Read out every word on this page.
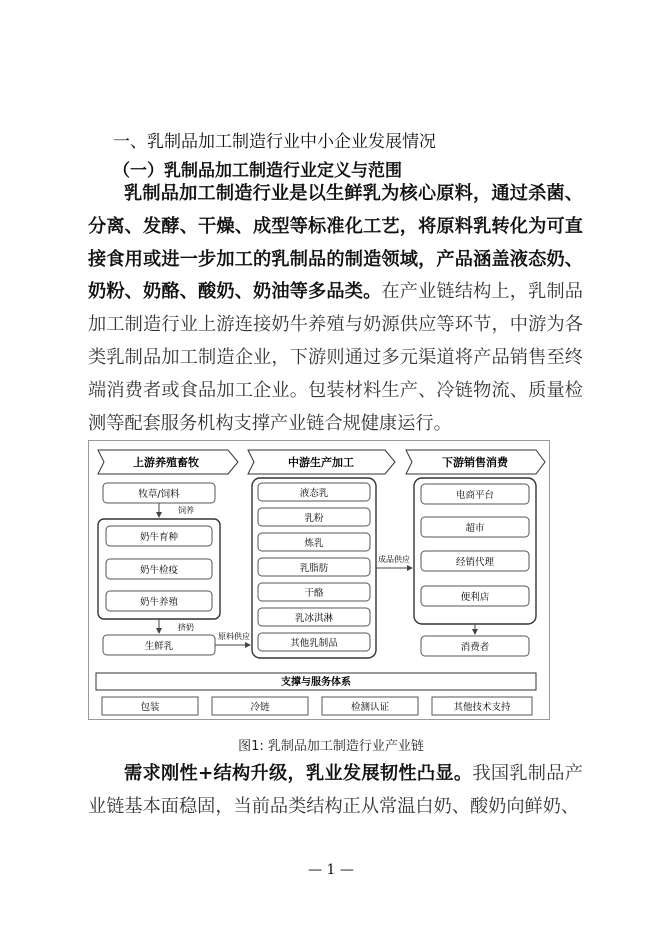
一、乳制品加工制造行业中小企业发展情况
（一）乳制品加工制造行业定义与范围
乳制品加工制造行业是以生鲜乳为核心原料，通过杀菌、分离、发酵、干燥、成型等标准化工艺，将原料乳转化为可直接食用或进一步加工的乳制品的制造领域，产品涵盖液态奶、奶粉、奶酪、酸奶、奶油等多品类。在产业链结构上，乳制品加工制造行业上游连接奶牛养殖与奶源供应等环节，中游为各类乳制品加工制造企业，下游则通过多元渠道将产品销售至终端消费者或食品加工企业。包装材料生产、冷链物流、质量检测等配套服务机构支撑产业链合规健康运行。
上游养殖畜牧	中游生产加工	下游销售消费
牧草/饲料
饲养
奶牛育种
奶牛检疫
奶牛养殖
挤奶
生鲜乳
原料供应
液态乳
乳粉
炼乳
乳脂肪
干酪
乳冰淇淋
其他乳制品
成品供应
电商平台
超市
经销代理
便利店
消费者
支撑与服务体系
包装	冷链	检测认证	其他技术支持
图1: 乳制品加工制造行业产业链
需求刚性+结构升级，乳业发展韧性凸显。我国乳制品产业链基本面稳固，当前品类结构正从常温白奶、酸奶向鲜奶、
— 1 —
